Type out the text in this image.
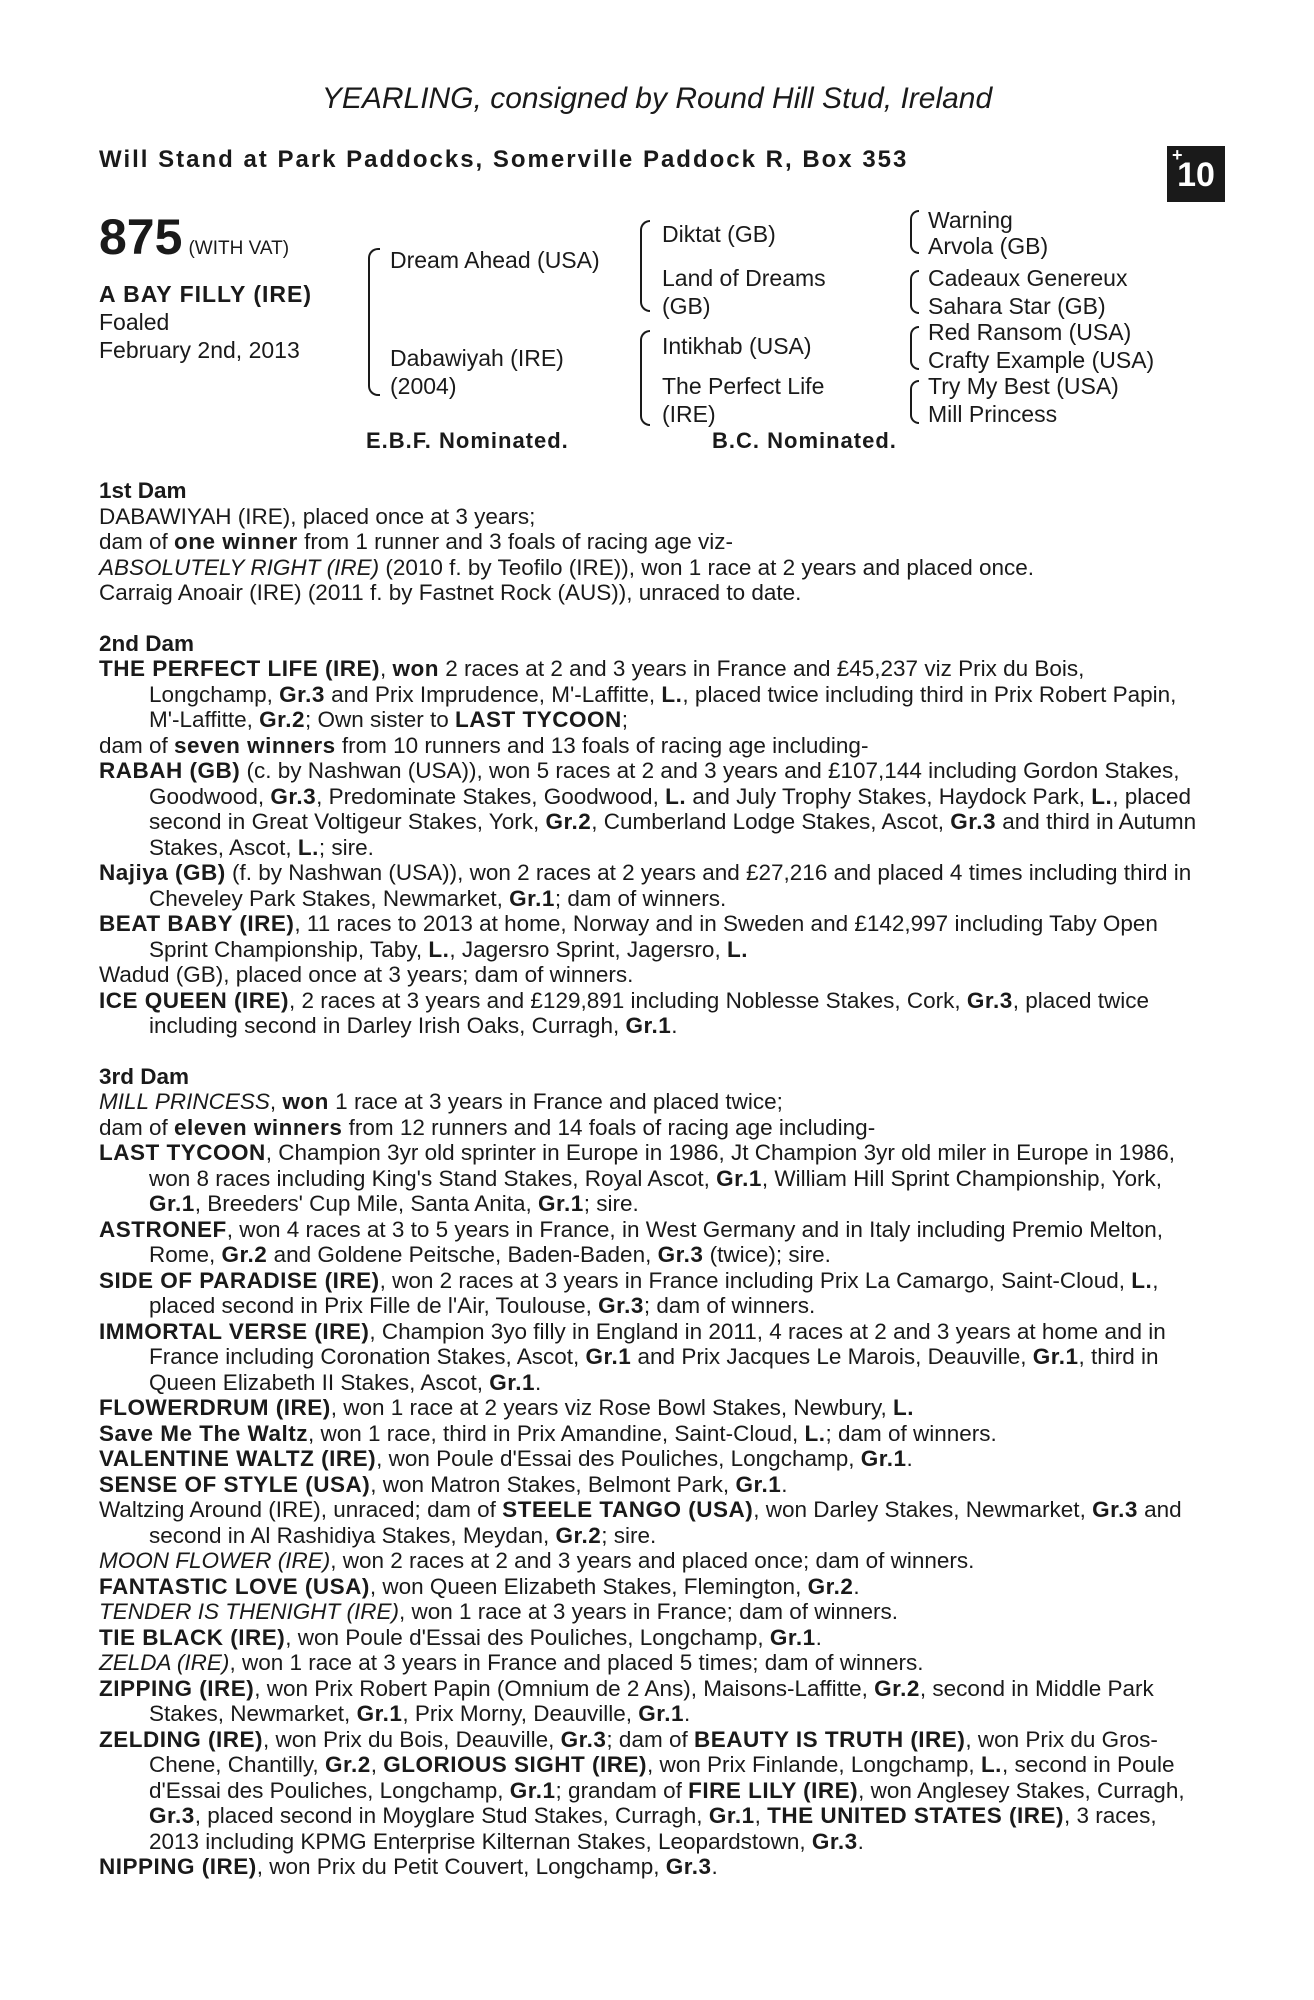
YEARLING, consigned by Round Hill Stud, Ireland
Will Stand at Park Paddocks, Somerville Paddock R, Box 353	+
10
875 (WITH VAT)
A BAY FILLY (IRE)
Foaled
February 2nd, 2013
Dream Ahead (USA)
Dabawiyah (IRE)
(2004)
Diktat (GB)
Land of Dreams
(GB)
Intikhab (USA)
The Perfect Life
(IRE)
Warning
Arvola (GB)
Cadeaux Genereux
Sahara Star (GB)
Red Ransom (USA)
Crafty Example (USA)
Try My Best (USA)
Mill Princess
E.B.F. Nominated.	B.C. Nominated.

1st Dam

DABAWIYAH (IRE), placed once at 3 years;

dam of one winner from 1 runner and 3 foals of racing age viz-

ABSOLUTELY RIGHT (IRE) (2010 f. by Teofilo (IRE)), won 1 race at 2 years and placed once.

Carraig Anoair (IRE) (2011 f. by Fastnet Rock (AUS)), unraced to date.

2nd Dam

THE PERFECT LIFE (IRE), won 2 races at 2 and 3 years in France and £45,237 viz Prix du Bois, Longchamp, Gr.3 and Prix Imprudence, M'-Laffitte, L., placed twice including third in Prix Robert Papin, M'-Laffitte, Gr.2; Own sister to LAST TYCOON;

dam of seven winners from 10 runners and 13 foals of racing age including-

RABAH (GB) (c. by Nashwan (USA)), won 5 races at 2 and 3 years and £107,144 including Gordon Stakes, Goodwood, Gr.3, Predominate Stakes, Goodwood, L. and July Trophy Stakes, Haydock Park, L., placed second in Great Voltigeur Stakes, York, Gr.2, Cumberland Lodge Stakes, Ascot, Gr.3 and third in Autumn Stakes, Ascot, L.; sire.

Najiya (GB) (f. by Nashwan (USA)), won 2 races at 2 years and £27,216 and placed 4 times including third in Cheveley Park Stakes, Newmarket, Gr.1; dam of winners.

BEAT BABY (IRE), 11 races to 2013 at home, Norway and in Sweden and £142,997 including Taby Open Sprint Championship, Taby, L., Jagersro Sprint, Jagersro, L.

Wadud (GB), placed once at 3 years; dam of winners.

ICE QUEEN (IRE), 2 races at 3 years and £129,891 including Noblesse Stakes, Cork, Gr.3, placed twice including second in Darley Irish Oaks, Curragh, Gr.1.

3rd Dam

MILL PRINCESS, won 1 race at 3 years in France and placed twice;

dam of eleven winners from 12 runners and 14 foals of racing age including-

LAST TYCOON, Champion 3yr old sprinter in Europe in 1986, Jt Champion 3yr old miler in Europe in 1986, won 8 races including King's Stand Stakes, Royal Ascot, Gr.1, William Hill Sprint Championship, York, Gr.1, Breeders' Cup Mile, Santa Anita, Gr.1; sire.

ASTRONEF, won 4 races at 3 to 5 years in France, in West Germany and in Italy including Premio Melton, Rome, Gr.2 and Goldene Peitsche, Baden-Baden, Gr.3 (twice); sire.

SIDE OF PARADISE (IRE), won 2 races at 3 years in France including Prix La Camargo, Saint-Cloud, L., placed second in Prix Fille de l'Air, Toulouse, Gr.3; dam of winners.

IMMORTAL VERSE (IRE), Champion 3yo filly in England in 2011, 4 races at 2 and 3 years at home and in France including Coronation Stakes, Ascot, Gr.1 and Prix Jacques Le Marois, Deauville, Gr.1, third in Queen Elizabeth II Stakes, Ascot, Gr.1.

FLOWERDRUM (IRE), won 1 race at 2 years viz Rose Bowl Stakes, Newbury, L.

Save Me The Waltz, won 1 race, third in Prix Amandine, Saint-Cloud, L.; dam of winners.

VALENTINE WALTZ (IRE), won Poule d'Essai des Pouliches, Longchamp, Gr.1.

SENSE OF STYLE (USA), won Matron Stakes, Belmont Park, Gr.1.

Waltzing Around (IRE), unraced; dam of STEELE TANGO (USA), won Darley Stakes, Newmarket, Gr.3 and second in Al Rashidiya Stakes, Meydan, Gr.2; sire.

MOON FLOWER (IRE), won 2 races at 2 and 3 years and placed once; dam of winners.

FANTASTIC LOVE (USA), won Queen Elizabeth Stakes, Flemington, Gr.2.

TENDER IS THENIGHT (IRE), won 1 race at 3 years in France; dam of winners.

TIE BLACK (IRE), won Poule d'Essai des Pouliches, Longchamp, Gr.1.

ZELDA (IRE), won 1 race at 3 years in France and placed 5 times; dam of winners.

ZIPPING (IRE), won Prix Robert Papin (Omnium de 2 Ans), Maisons-Laffitte, Gr.2, second in Middle Park Stakes, Newmarket, Gr.1, Prix Morny, Deauville, Gr.1.

ZELDING (IRE), won Prix du Bois, Deauville, Gr.3; dam of BEAUTY IS TRUTH (IRE), won Prix du Gros-Chene, Chantilly, Gr.2, GLORIOUS SIGHT (IRE), won Prix Finlande, Longchamp, L., second in Poule d'Essai des Pouliches, Longchamp, Gr.1; grandam of FIRE LILY (IRE), won Anglesey Stakes, Curragh, Gr.3, placed second in Moyglare Stud Stakes, Curragh, Gr.1, THE UNITED STATES (IRE), 3 races, 2013 including KPMG Enterprise Kilternan Stakes, Leopardstown, Gr.3.

NIPPING (IRE), won Prix du Petit Couvert, Longchamp, Gr.3.
